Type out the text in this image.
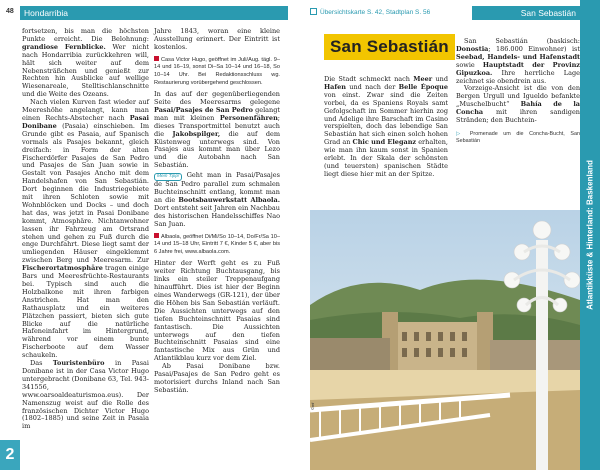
48	Hondarribia

fortsetzen, bis man die höchsten Punkte erreicht. Die Belohnung: grandiose Fernblicke. Wer nicht nach Hondarribia zurückkehren will, hält sich weiter auf dem Nebensträßchen und genießt zur Rechten hin Ausblicke auf wellige Wiesenareale, Stelltischlanschnitte und die Weite des Ozeans.

Nach vielen Kurven fast wieder auf Meereshöhe angelangt, kann man einen Rechts-Abstecher nach Pasai Donibane (Pasaia) einschieben. Im Grunde gibt es Pasaia, auf Spanisch vormals als Pasajes bekannt, gleich dreifach: in Form der alten Fischerdörfer Pasajes de San Pedro und Pasajes de San Juan sowie in Gestalt von Pasajes Ancho mit dem Handelshafen von San Sebastián. Dort beginnen die Industriegebiete mit ihren Schloten sowie mit Wohnblöcken und Docks – und doch hat das, was jetzt in Pasai Donibane kommt, Atmosphäre. Nichtanwohner lassen ihr Fahrzeug am Ortsrand stehen und gehen zu Fuß durch die enge Durchfahrt. Diese liegt samt der umliegenden Häuser eingeklemmt zwischen Berg und Meeresarm. Zur Fischerortatmosphäre tragen einige Bars und Meeresfrüchte-Restaurants bei. Typisch sind auch die Holzbalkone mit ihren farbigen Anstrichen. Hat man den Rathausplatz und ein weiteres Plätzchen passiert, bieten sich gute Blicke auf die natürliche Hafeneinfahrt im Hintergrund, während vor einem bunte Fischerboote auf dem Wasser schaukeln.

Das Touristenbüro in Pasai Donibane ist in der Casa Victor Hugo untergebracht (Donibane 63, Tel. 943-341556, www.oarsoaldeaturismoa.eus). Der Namenszug weist auf die Rolle des französischen Dichter Victor Hugo (1802–1885) und seine Zeit in Pasaia im

Jahre 1843, woran eine kleine Ausstellung erinnert. Der Eintritt ist kostenlos.

Casa Victor Hugo, geöffnet im Juli/Aug. tägl. 9–14 und 16–19, sonst Di–Sa 10–14 und 16–18, So 10–14 Uhr. Bei Redaktionsschluss wg. Restaurierung vorübergehend geschlossen.

In das auf der gegenüberliegenden Seite des Meeresarms gelegene Pasai/Pasajes de San Pedro gelangt man mit kleinen Personenfähren; dieses Transportmittel benutzt auch die Jakobspilger, die auf dem Küstenweg unterwegs sind. Von Pasajes aus kommt man über Lezo und die Autobahn nach San Sebastián.

Mein Tipp! Geht man in Pasai/Pasajes de San Pedro parallel zum schmalen Buchteinschnitt entlang, kommt man an die Bootsbauwerkstatt Albaola. Dort entsteht seit Jahren ein Nachbau des historischen Handelsschiffes Nao San Juan.

Albaola, geöffnet Di/Mi/So 10–14, Do/Fr/Sa 10–14 und 15–18 Uhr, Eintritt 7 €, Kinder 5 €, aber bis 6 Jahre frei, www.albaola.com.

Hinter der Werft geht es zu Fuß weiter Richtung Buchtausgang, bis links ein steiler Treppenaufgang hinaufführt. Dies ist hier der Beginn eines Wanderwegs (GR-121), der über die Höhen bis San Sebastián verläuft. Die Aussichten unterwegs auf den tiefen Buchteinschnitt Pasaias sind fantastisch. Die Aussichten unterwegs auf den tiefen Buchteinschnitt Pasaias sind eine fantastische Mix aus Grün und Atlantikblau kurz vor dem Ziel.

Ab Pasai Donibane bzw. Pasai/Pasajes de San Pedro geht es motorisiert durchs Inland nach San Sebastián.

2
Übersichtskarte S. 42, Stadtplan S. 56	San Sebastián
San Sebastián

Die Stadt schmeckt nach Meer und Hafen und nach der Belle Époque von einst. Zwar sind die Zeiten vorbei, da es Spaniens Royals samt Gefolgschaft im Sommer hierhin zog und Adelige ihre Barschaft im Casino verspielten, doch das lebendige San Sebastián hat sich einen solch hohen Grad an Chic und Eleganz erhalten, wie man ihn kaum sonst in Spanien erlebt. In der Skala der schönsten (und teuersten) spanischen Städte liegt diese hier mit an der Spitze.

San Sebastián (baskisch: Donostia; 186.000 Einwohner) ist Seebad, Handels- und Hafenstadt sowie Hauptstadt der Provinz Gipuzkoa. Ihre herrliche Lage zeichnet sie obendrein aus.

Vorzeige-Ansicht ist die von den Bergen Urgull und Igueldo befankte „Muschelbucht“ Bahía de la Concha mit ihren sandigen Stränden; den Buchtein-

▷ Promenade um die Concha-Bucht, San Sebastián

©mf
Atlantikküste & Hinterland: Baskenland
